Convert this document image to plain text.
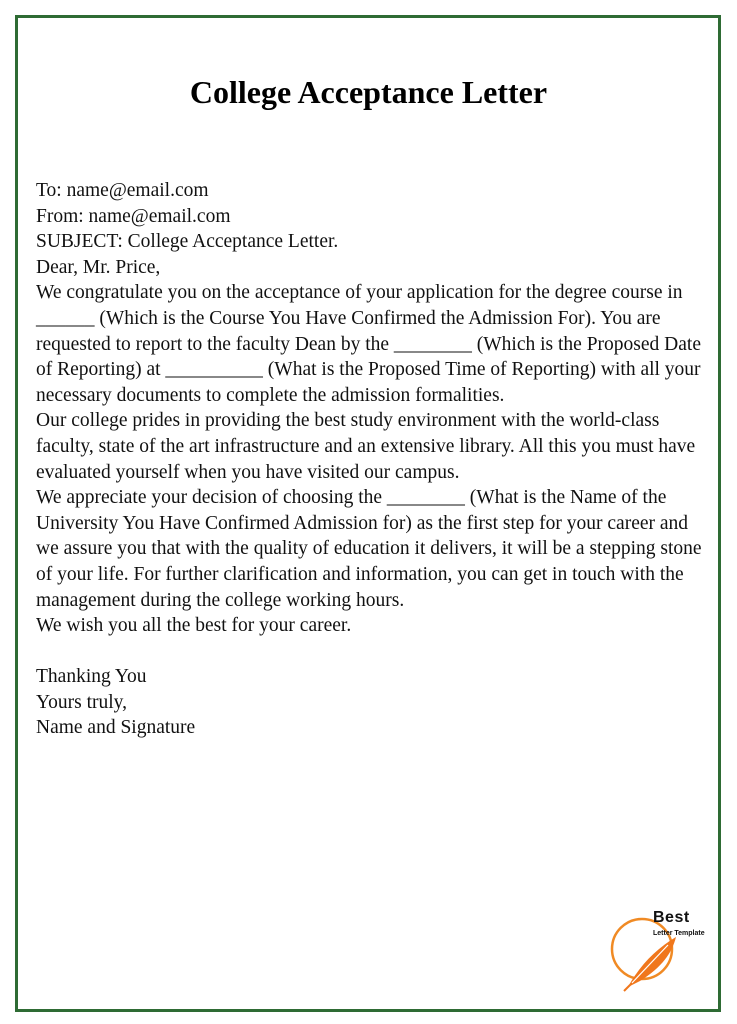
College Acceptance Letter

To: name@email.com

From: name@email.com

SUBJECT: College Acceptance Letter.

Dear, Mr. Price,

We congratulate you on the acceptance of your application for the degree course in ______ (Which is the Course You Have Confirmed the Admission For). You are requested to report to the faculty Dean by the ________ (Which is the Proposed Date of Reporting) at __________ (What is the Proposed Time of Reporting) with all your necessary documents to complete the admission formalities.

Our college prides in providing the best study environment with the world-class faculty, state of the art infrastructure and an extensive library. All this you must have evaluated yourself when you have visited our campus.

We appreciate your decision of choosing the ________ (What is the Name of the University You Have Confirmed Admission for) as the first step for your career and we assure you that with the quality of education it delivers, it will be a stepping stone of your life. For further clarification and information, you can get in touch with the management during the college working hours.

We wish you all the best for your career.

Thanking You

Yours truly,

Name and Signature

Best
Letter Template
